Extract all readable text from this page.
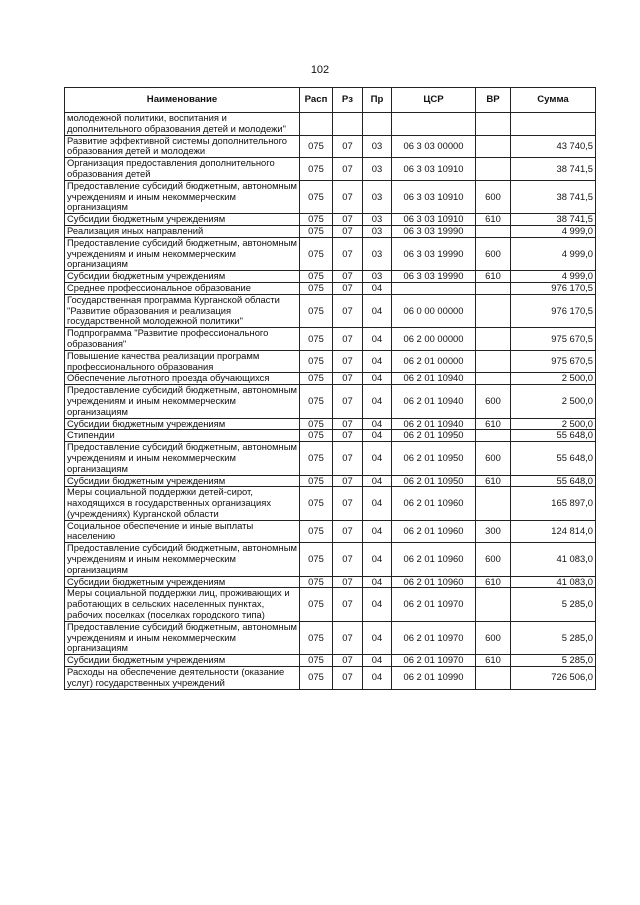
102
Наименование	Расп	Рз	Пр	ЦСР	ВР	Сумма
молодежной политики, воспитания и дополнительного образования детей и молодежи"						
Развитие эффективной системы дополнительного образования детей и молодежи	075	07	03	06 3 03 00000		43 740,5
Организация предоставления дополнительного образования детей	075	07	03	06 3 03 10910		38 741,5
Предоставление субсидий бюджетным, автономным учреждениям и иным некоммерческим организациям	075	07	03	06 3 03 10910	600	38 741,5
Субсидии бюджетным учреждениям	075	07	03	06 3 03 10910	610	38 741,5
Реализация иных направлений	075	07	03	06 3 03 19990		4 999,0
Предоставление субсидий бюджетным, автономным учреждениям и иным некоммерческим организациям	075	07	03	06 3 03 19990	600	4 999,0
Субсидии бюджетным учреждениям	075	07	03	06 3 03 19990	610	4 999,0
Среднее профессиональное образование	075	07	04			976 170,5
Государственная программа Курганской области "Развитие образования и реализация государственной молодежной политики"	075	07	04	06 0 00 00000		976 170,5
Подпрограмма "Развитие профессионального образования"	075	07	04	06 2 00 00000		975 670,5
Повышение качества реализации программ профессионального образования	075	07	04	06 2 01 00000		975 670,5
Обеспечение льготного проезда обучающихся	075	07	04	06 2 01 10940		2 500,0
Предоставление субсидий бюджетным, автономным учреждениям и иным некоммерческим организациям	075	07	04	06 2 01 10940	600	2 500,0
Субсидии бюджетным учреждениям	075	07	04	06 2 01 10940	610	2 500,0
Стипендии	075	07	04	06 2 01 10950		55 648,0
Предоставление субсидий бюджетным, автономным учреждениям и иным некоммерческим организациям	075	07	04	06 2 01 10950	600	55 648,0
Субсидии бюджетным учреждениям	075	07	04	06 2 01 10950	610	55 648,0
Меры социальной поддержки детей-сирот, находящихся в государственных организациях (учреждениях) Курганской области	075	07	04	06 2 01 10960		165 897,0
Социальное обеспечение и иные выплаты населению	075	07	04	06 2 01 10960	300	124 814,0
Предоставление субсидий бюджетным, автономным учреждениям и иным некоммерческим организациям	075	07	04	06 2 01 10960	600	41 083,0
Субсидии бюджетным учреждениям	075	07	04	06 2 01 10960	610	41 083,0
Меры социальной поддержки лиц, проживающих и работающих в сельских населенных пунктах, рабочих поселках (поселках городского типа)	075	07	04	06 2 01 10970		5 285,0
Предоставление субсидий бюджетным, автономным учреждениям и иным некоммерческим организациям	075	07	04	06 2 01 10970	600	5 285,0
Субсидии бюджетным учреждениям	075	07	04	06 2 01 10970	610	5 285,0
Расходы на обеспечение деятельности (оказание услуг) государственных учреждений	075	07	04	06 2 01 10990		726 506,0
